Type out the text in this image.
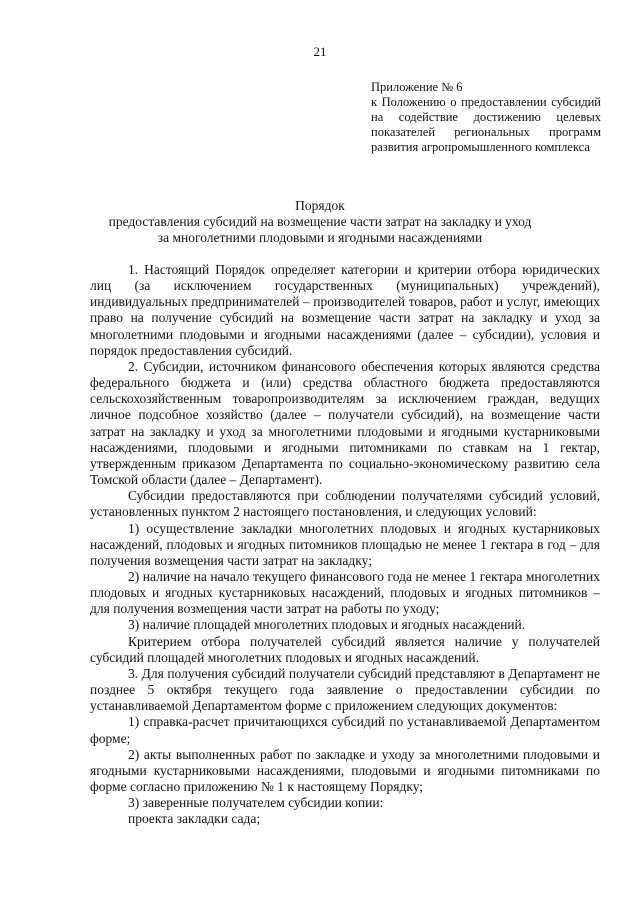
21
Приложение № 6
к Положению о предоставлении субсидий на содействие достижению целевых показателей региональных программ развития агропромышленного комплекса
Порядок
предоставления субсидий на возмещение части затрат на закладку и уход
за многолетними плодовыми и ягодными насаждениями

1. Настоящий Порядок определяет категории и критерии отбора юридических лиц (за исключением государственных (муниципальных) учреждений), индивидуальных предпринимателей – производителей товаров, работ и услуг, имеющих право на получение субсидий на возмещение части затрат на закладку и уход за многолетними плодовыми и ягодными насаждениями (далее – субсидии), условия и порядок предоставления субсидий.

2. Субсидии, источником финансового обеспечения которых являются средства федерального бюджета и (или) средства областного бюджета предоставляются сельскохозяйственным товаропроизводителям за исключением граждан, ведущих личное подсобное хозяйство (далее – получатели субсидий), на возмещение части затрат на закладку и уход за многолетними плодовыми и ягодными кустарниковыми насаждениями, плодовыми и ягодными питомниками по ставкам на 1 гектар, утвержденным приказом Департамента по социально-экономическому развитию села Томской области (далее – Департамент).

Субсидии предоставляются при соблюдении получателями субсидий условий, установленных пунктом 2 настоящего постановления, и следующих условий:

1) осуществление закладки многолетних плодовых и ягодных кустарниковых насаждений, плодовых и ягодных питомников площадью не менее 1 гектара в год – для получения возмещения части затрат на закладку;

2) наличие на начало текущего финансового года не менее 1 гектара многолетних плодовых и ягодных кустарниковых насаждений, плодовых и ягодных питомников – для получения возмещения части затрат на работы по уходу;

3) наличие площадей многолетних плодовых и ягодных насаждений.

Критерием отбора получателей субсидий является наличие у получателей субсидий площадей многолетних плодовых и ягодных насаждений.

3. Для получения субсидий получатели субсидий представляют в Департамент не позднее 5 октября текущего года заявление о предоставлении субсидии по устанавливаемой Департаментом форме с приложением следующих документов:

1) справка-расчет причитающихся субсидий по устанавливаемой Департаментом форме;

2) акты выполненных работ по закладке и уходу за многолетними плодовыми и ягодными кустарниковыми насаждениями, плодовыми и ягодными питомниками по форме согласно приложению № 1 к настоящему Порядку;

3) заверенные получателем субсидии копии:

проекта закладки сада;
